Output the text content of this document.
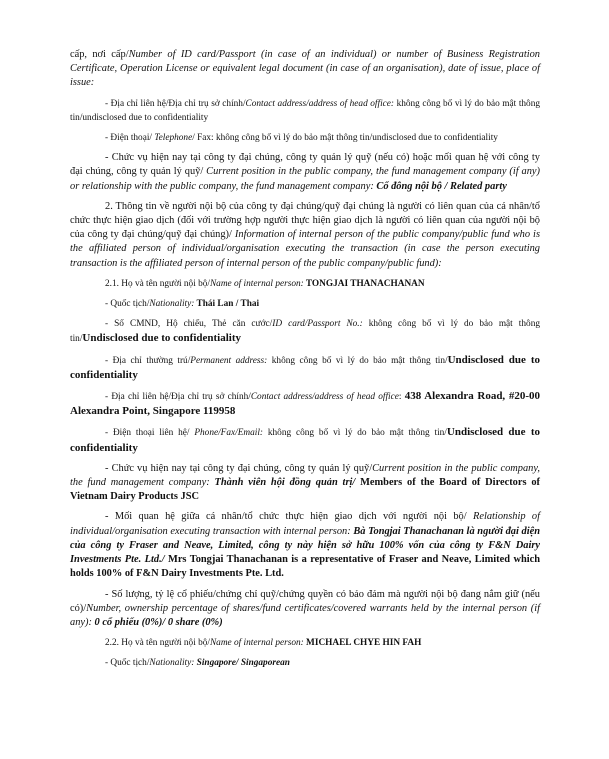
cấp, nơi cấp/Number of ID card/Passport (in case of an individual) or number of Business Registration Certificate, Operation License or equivalent legal document (in case of an organisation), date of issue, place of issue:

- Địa chỉ liên hệ/Địa chỉ trụ sở chính/Contact address/address of head office: không công bố vì lý do bảo mật thông tin/undisclosed due to confidentiality

- Điện thoại/ Telephone/ Fax: không công bố vì lý do bảo mật thông tin/undisclosed due to confidentiality

- Chức vụ hiện nay tại công ty đại chúng, công ty quản lý quỹ (nếu có) hoặc mối quan hệ với công ty đại chúng, công ty quản lý quỹ/ Current position in the public company, the fund management company (if any) or relationship with the public company, the fund management company: Cổ đông nội bộ / Related party

2. Thông tin về người nội bộ của công ty đại chúng/quỹ đại chúng là người có liên quan của cá nhân/tổ chức thực hiện giao dịch (đối với trường hợp người thực hiện giao dịch là người có liên quan của người nội bộ của công ty đại chúng/quỹ đại chúng)/ Information of internal person of the public company/public fund who is the affiliated person of individual/organisation executing the transaction (in case the person executing transaction is the affiliated person of internal person of the public company/public fund):

2.1. Họ và tên người nội bộ/Name of internal person: TONGJAI THANACHANAN

- Quốc tịch/Nationality: Thái Lan / Thai

- Số CMND, Hộ chiếu, Thẻ căn cước/ID card/Passport No.: không công bố vì lý do bảo mật thông tin/Undisclosed due to confidentiality

- Địa chỉ thường trú/Permanent address: không công bố vì lý do bảo mật thông tin/Undisclosed due to confidentiality

- Địa chỉ liên hệ/Địa chỉ trụ sở chính/Contact address/address of head office: 438 Alexandra Road, #20-00 Alexandra Point, Singapore 119958

- Điện thoại liên hệ/ Phone/Fax/Email: không công bố vì lý do bảo mật thông tin/Undisclosed due to confidentiality

- Chức vụ hiện nay tại công ty đại chúng, công ty quản lý quỹ/Current position in the public company, the fund management company: Thành viên hội đồng quản trị/ Members of the Board of Directors of Vietnam Dairy Products JSC

- Mối quan hệ giữa cá nhân/tổ chức thực hiện giao dịch với người nội bộ/ Relationship of individual/organisation executing transaction with internal person: Bà Tongjai Thanachanan là người đại diện của công ty Fraser and Neave, Limited, công ty này hiện sở hữu 100% vốn của công ty F&N Dairy Investments Pte. Ltd./ Mrs Tongjai Thanachanan is a representative of Fraser and Neave, Limited which holds 100% of F&N Dairy Investments Pte. Ltd.

- Số lượng, tỷ lệ cổ phiếu/chứng chỉ quỹ/chứng quyền có bảo đảm mà người nội bộ đang nắm giữ (nếu có)/Number, ownership percentage of shares/fund certificates/covered warrants held by the internal person (if any): 0 cổ phiếu (0%)/ 0 share (0%)

2.2. Họ và tên người nội bộ/Name of internal person: MICHAEL CHYE HIN FAH

- Quốc tịch/Nationality: Singapore/ Singaporean
